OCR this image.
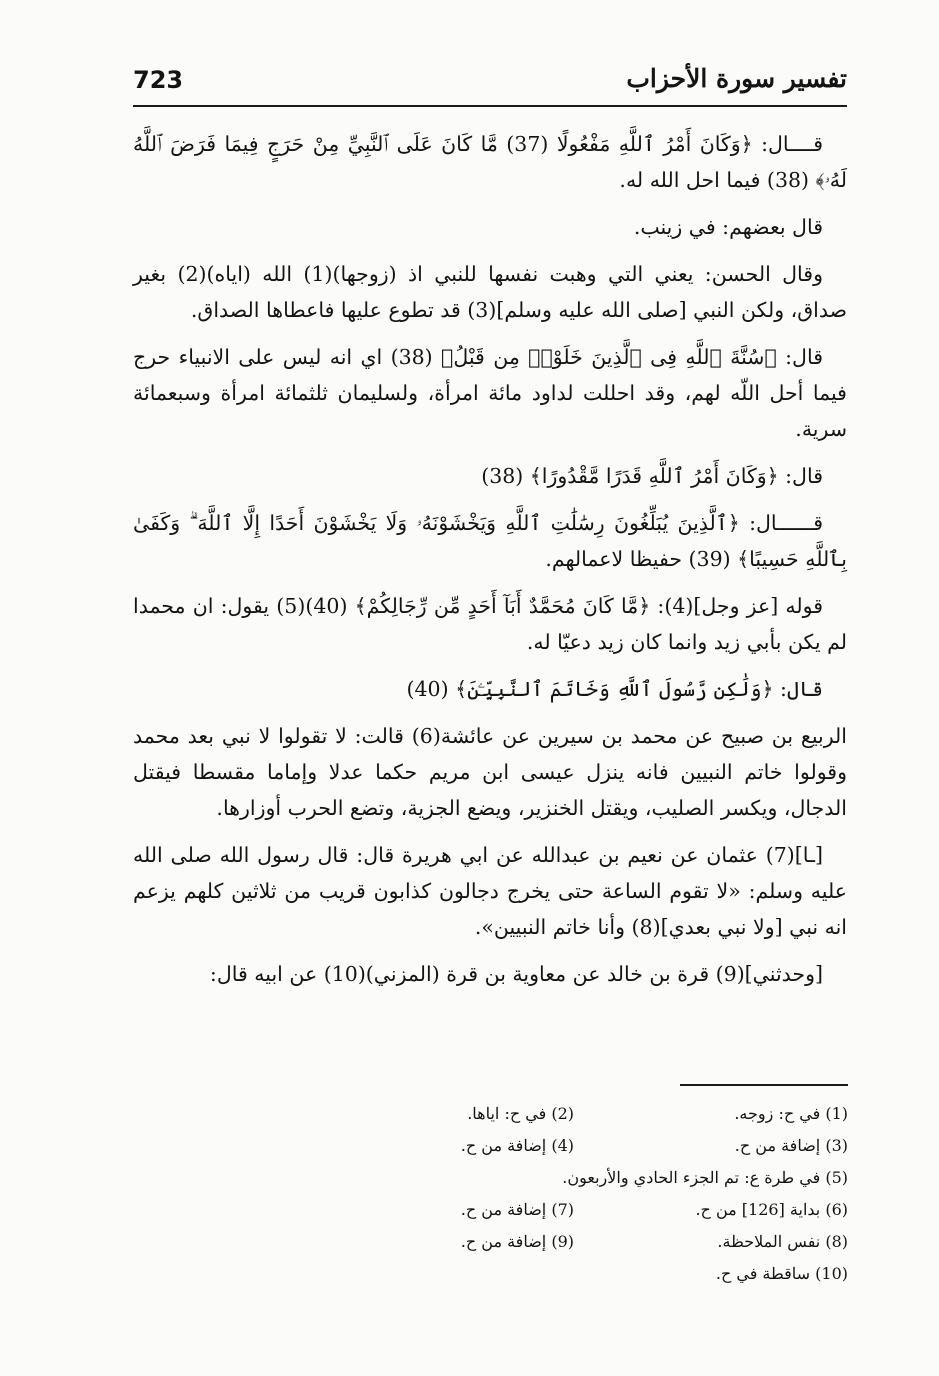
تفسير سورة الأحزاب
723

قــــال: ﴿وَكَانَ أَمْرُ ٱللَّهِ مَفْعُولًا (37) مَّا كَانَ عَلَى ٱلنَّبِيِّ مِنْ حَرَجٍ فِيمَا فَرَضَ ٱللَّهُ لَهُۥ﴾ (38) فيما احل الله له.

قال بعضهم: في زينب.

وقال الحسن: يعني التي وهبت نفسها للنبي اذ (زوجها)(1) الله (اياه)(2) بغير صداق، ولكن النبي [صلى الله عليه وسلم](3) قد تطوع عليها فاعطاها الصداق.

قال: ﴿سُنَّةَ ٱللَّهِ فِى ٱلَّذِينَ خَلَوْا۟ مِن قَبْلُ﴾ (38) اي انه ليس على الانبياء حرج فيما أحل اللّه لهم، وقد احللت لداود مائة امرأة، ولسليمان ثلثمائة امرأة وسبعمائة سرية.

قال: ﴿وَكَانَ أَمْرُ ٱللَّهِ قَدَرًا مَّقْدُورًا﴾ (38)

قــــــال: ﴿ٱلَّذِينَ يُبَلِّغُونَ رِسَٰلَٰتِ ٱللَّهِ وَيَخْشَوْنَهُۥ وَلَا يَخْشَوْنَ أَحَدًا إِلَّا ٱللَّهَ ۗ وَكَفَىٰ بِٱللَّهِ حَسِيبًا﴾ (39) حفيظا لاعمالهم.

قوله [عز وجل](4): ﴿مَّا كَانَ مُحَمَّدٌ أَبَآ أَحَدٍ مِّن رِّجَالِكُمْ﴾ (40)(5) يقول: ان محمدا لم يكن بأبي زيد وانما كان زيد دعيّا له.

قال: ﴿وَلَٰكِن رَّسُولَ ٱللَّهِ وَخَاتَمَ ٱلنَّبِيِّـۧنَ﴾ (40)

الربيع بن صبيح عن محمد بن سيرين عن عائشة(6) قالت: لا تقولوا لا نبي بعد محمد وقولوا خاتم النبيين فانه ينزل عيسى ابن مريم حكما عدلا وإماما مقسطا فيقتل الدجال، ويكسر الصليب، ويقتل الخنزير، ويضع الجزية، وتضع الحرب أوزارها.

[ـا](7) عثمان عن نعيم بن عبدالله عن ابي هريرة قال: قال رسول الله صلى الله عليه وسلم: «لا تقوم الساعة حتى يخرج دجالون كذابون قريب من ثلاثين كلهم يزعم انه نبي [ولا نبي بعدي](8) وأنا خاتم النبيين».

[وحدثني](9) قرة بن خالد عن معاوية بن قرة (المزني)(10) عن ابيه قال:

(1) في ح: زوجه.
(2) في ح: اياها.
(3) إضافة من ح.
(4) إضافة من ح.
(5) في طرة ع: تم الجزء الحادي والأربعون.
(6) بداية [126] من ح.
(7) إضافة من ح.
(8) نفس الملاحظة.
(9) إضافة من ح.
(10) ساقطة في ح.
